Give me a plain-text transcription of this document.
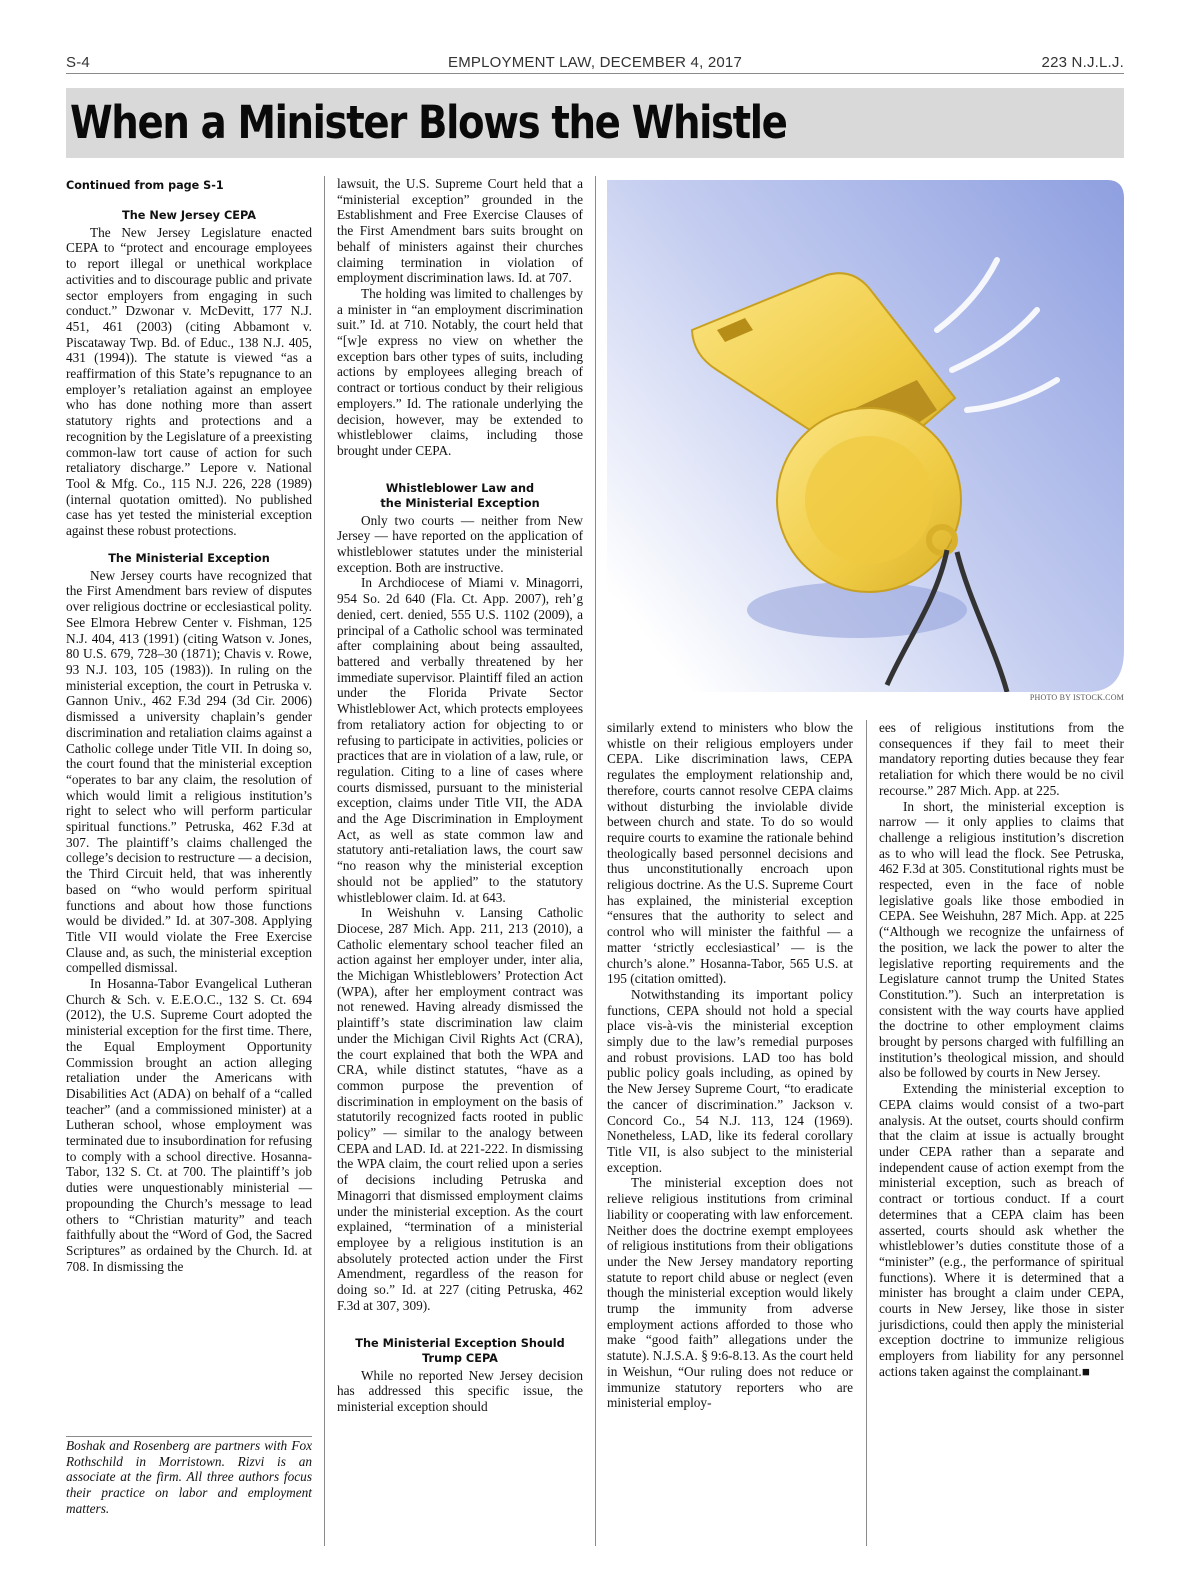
EMPLOYMENT LAW, DECEMBER 4, 2017
S-4	223 N.J.L.J.
When a Minister Blows the Whistle
Continued from page S-1
The New Jersey CEPA

The New Jersey Legislature enacted CEPA to “protect and encourage employees to report illegal or unethical workplace activities and to discourage public and private sector employers from engaging in such conduct.” Dzwonar v. McDevitt, 177 N.J. 451, 461 (2003) (citing Abbamont v. Piscataway Twp. Bd. of Educ., 138 N.J. 405, 431 (1994)). The statute is viewed “as a reaffirmation of this State’s repugnance to an employer’s retaliation against an employee who has done nothing more than assert statutory rights and protections and a recognition by the Legislature of a preexisting common-law tort cause of action for such retaliatory discharge.” Lepore v. National Tool & Mfg. Co., 115 N.J. 226, 228 (1989) (internal quotation omitted). No published case has yet tested the ministerial exception against these robust protections.

The Ministerial Exception

New Jersey courts have recognized that the First Amendment bars review of disputes over religious doctrine or ecclesiastical polity. See Elmora Hebrew Center v. Fishman, 125 N.J. 404, 413 (1991) (citing Watson v. Jones, 80 U.S. 679, 728–30 (1871); Chavis v. Rowe, 93 N.J. 103, 105 (1983)). In ruling on the ministerial exception, the court in Petruska v. Gannon Univ., 462 F.3d 294 (3d Cir. 2006) dismissed a university chaplain’s gender discrimination and retaliation claims against a Catholic college under Title VII. In doing so, the court found that the ministerial exception “operates to bar any claim, the resolution of which would limit a religious institution’s right to select who will perform particular spiritual functions.” Petruska, 462 F.3d at 307. The plaintiff’s claims challenged the college’s decision to restructure — a decision, the Third Circuit held, that was inherently based on “who would perform spiritual functions and about how those functions would be divided.” Id. at 307-308. Applying Title VII would violate the Free Exercise Clause and, as such, the ministerial exception compelled dismissal.

In Hosanna-Tabor Evangelical Lutheran Church & Sch. v. E.E.O.C., 132 S. Ct. 694 (2012), the U.S. Supreme Court adopted the ministerial exception for the first time. There, the Equal Employment Opportunity Commission brought an action alleging retaliation under the Americans with Disabilities Act (ADA) on behalf of a “called teacher” (and a commissioned minister) at a Lutheran school, whose employment was terminated due to insubordination for refusing to comply with a school directive. Hosanna-Tabor, 132 S. Ct. at 700. The plaintiff’s job duties were unquestionably ministerial — propounding the Church’s message to lead others to “Christian maturity” and teach faithfully about the “Word of God, the Sacred Scriptures” as ordained by the Church. Id. at 708. In dismissing the

Boshak and Rosenberg are partners with Fox Rothschild in Morristown. Rizvi is an associate at the firm. All three authors focus their practice on labor and employment matters.

lawsuit, the U.S. Supreme Court held that a “ministerial exception” grounded in the Establishment and Free Exercise Clauses of the First Amendment bars suits brought on behalf of ministers against their churches claiming termination in violation of employment discrimination laws. Id. at 707.

The holding was limited to challenges by a minister in “an employment discrimination suit.” Id. at 710. Notably, the court held that “[w]e express no view on whether the exception bars other types of suits, including actions by employees alleging breach of contract or tortious conduct by their religious employers.” Id. The rationale underlying the decision, however, may be extended to whistleblower claims, including those brought under CEPA.

Whistleblower Law and
the Ministerial Exception

Only two courts — neither from New Jersey — have reported on the application of whistleblower statutes under the ministerial exception. Both are instructive.

In Archdiocese of Miami v. Minagorri, 954 So. 2d 640 (Fla. Ct. App. 2007), reh’g denied, cert. denied, 555 U.S. 1102 (2009), a principal of a Catholic school was terminated after complaining about being assaulted, battered and verbally threatened by her immediate supervisor. Plaintiff filed an action under the Florida Private Sector Whistleblower Act, which protects employees from retaliatory action for objecting to or refusing to participate in activities, policies or practices that are in violation of a law, rule, or regulation. Citing to a line of cases where courts dismissed, pursuant to the ministerial exception, claims under Title VII, the ADA and the Age Discrimination in Employment Act, as well as state common law and statutory anti-retaliation laws, the court saw “no reason why the ministerial exception should not be applied” to the statutory whistleblower claim. Id. at 643.

In Weishuhn v. Lansing Catholic Diocese, 287 Mich. App. 211, 213 (2010), a Catholic elementary school teacher filed an action against her employer under, inter alia, the Michigan Whistleblowers’ Protection Act (WPA), after her employment contract was not renewed. Having already dismissed the plaintiff’s state discrimination law claim under the Michigan Civil Rights Act (CRA), the court explained that both the WPA and CRA, while distinct statutes, “have as a common purpose the prevention of discrimination in employment on the basis of statutorily recognized facts rooted in public policy” — similar to the analogy between CEPA and LAD. Id. at 221-222. In dismissing the WPA claim, the court relied upon a series of decisions including Petruska and Minagorri that dismissed employment claims under the ministerial exception. As the court explained, “termination of a ministerial employee by a religious institution is an absolutely protected action under the First Amendment, regardless of the reason for doing so.” Id. at 227 (citing Petruska, 462 F.3d at 307, 309).

The Ministerial Exception Should
Trump CEPA

While no reported New Jersey decision has addressed this specific issue, the ministerial exception should

PHOTO BY ISTOCK.COM

similarly extend to ministers who blow the whistle on their religious employers under CEPA. Like discrimination laws, CEPA regulates the employment relationship and, therefore, courts cannot resolve CEPA claims without disturbing the inviolable divide between church and state. To do so would require courts to examine the rationale behind theologically based personnel decisions and thus unconstitutionally encroach upon religious doctrine. As the U.S. Supreme Court has explained, the ministerial exception “ensures that the authority to select and control who will minister the faithful — a matter ‘strictly ecclesiastical’ — is the church’s alone.” Hosanna-Tabor, 565 U.S. at 195 (citation omitted).

Notwithstanding its important policy functions, CEPA should not hold a special place vis-à-vis the ministerial exception simply due to the law’s remedial purposes and robust provisions. LAD too has bold public policy goals including, as opined by the New Jersey Supreme Court, “to eradicate the cancer of discrimination.” Jackson v. Concord Co., 54 N.J. 113, 124 (1969). Nonetheless, LAD, like its federal corollary Title VII, is also subject to the ministerial exception.

The ministerial exception does not relieve religious institutions from criminal liability or cooperating with law enforcement. Neither does the doctrine exempt employees of religious institutions from their obligations under the New Jersey mandatory reporting statute to report child abuse or neglect (even though the ministerial exception would likely trump the immunity from adverse employment actions afforded to those who make “good faith” allegations under the statute). N.J.S.A. § 9:6-8.13. As the court held in Weishun, “Our ruling does not reduce or immunize statutory reporters who are ministerial employ-

ees of religious institutions from the consequences if they fail to meet their mandatory reporting duties because they fear retaliation for which there would be no civil recourse.” 287 Mich. App. at 225.

In short, the ministerial exception is narrow — it only applies to claims that challenge a religious institution’s discretion as to who will lead the flock. See Petruska, 462 F.3d at 305. Constitutional rights must be respected, even in the face of noble legislative goals like those embodied in CEPA. See Weishuhn, 287 Mich. App. at 225 (“Although we recognize the unfairness of the position, we lack the power to alter the legislative reporting requirements and the Legislature cannot trump the United States Constitution.”). Such an interpretation is consistent with the way courts have applied the doctrine to other employment claims brought by persons charged with fulfilling an institution’s theological mission, and should also be followed by courts in New Jersey.

Extending the ministerial exception to CEPA claims would consist of a two-part analysis. At the outset, courts should confirm that the claim at issue is actually brought under CEPA rather than a separate and independent cause of action exempt from the ministerial exception, such as breach of contract or tortious conduct. If a court determines that a CEPA claim has been asserted, courts should ask whether the whistleblower’s duties constitute those of a “minister” (e.g., the performance of spiritual functions). Where it is determined that a minister has brought a claim under CEPA, courts in New Jersey, like those in sister jurisdictions, could then apply the ministerial exception doctrine to immunize religious employers from liability for any personnel actions taken against the complainant.■
